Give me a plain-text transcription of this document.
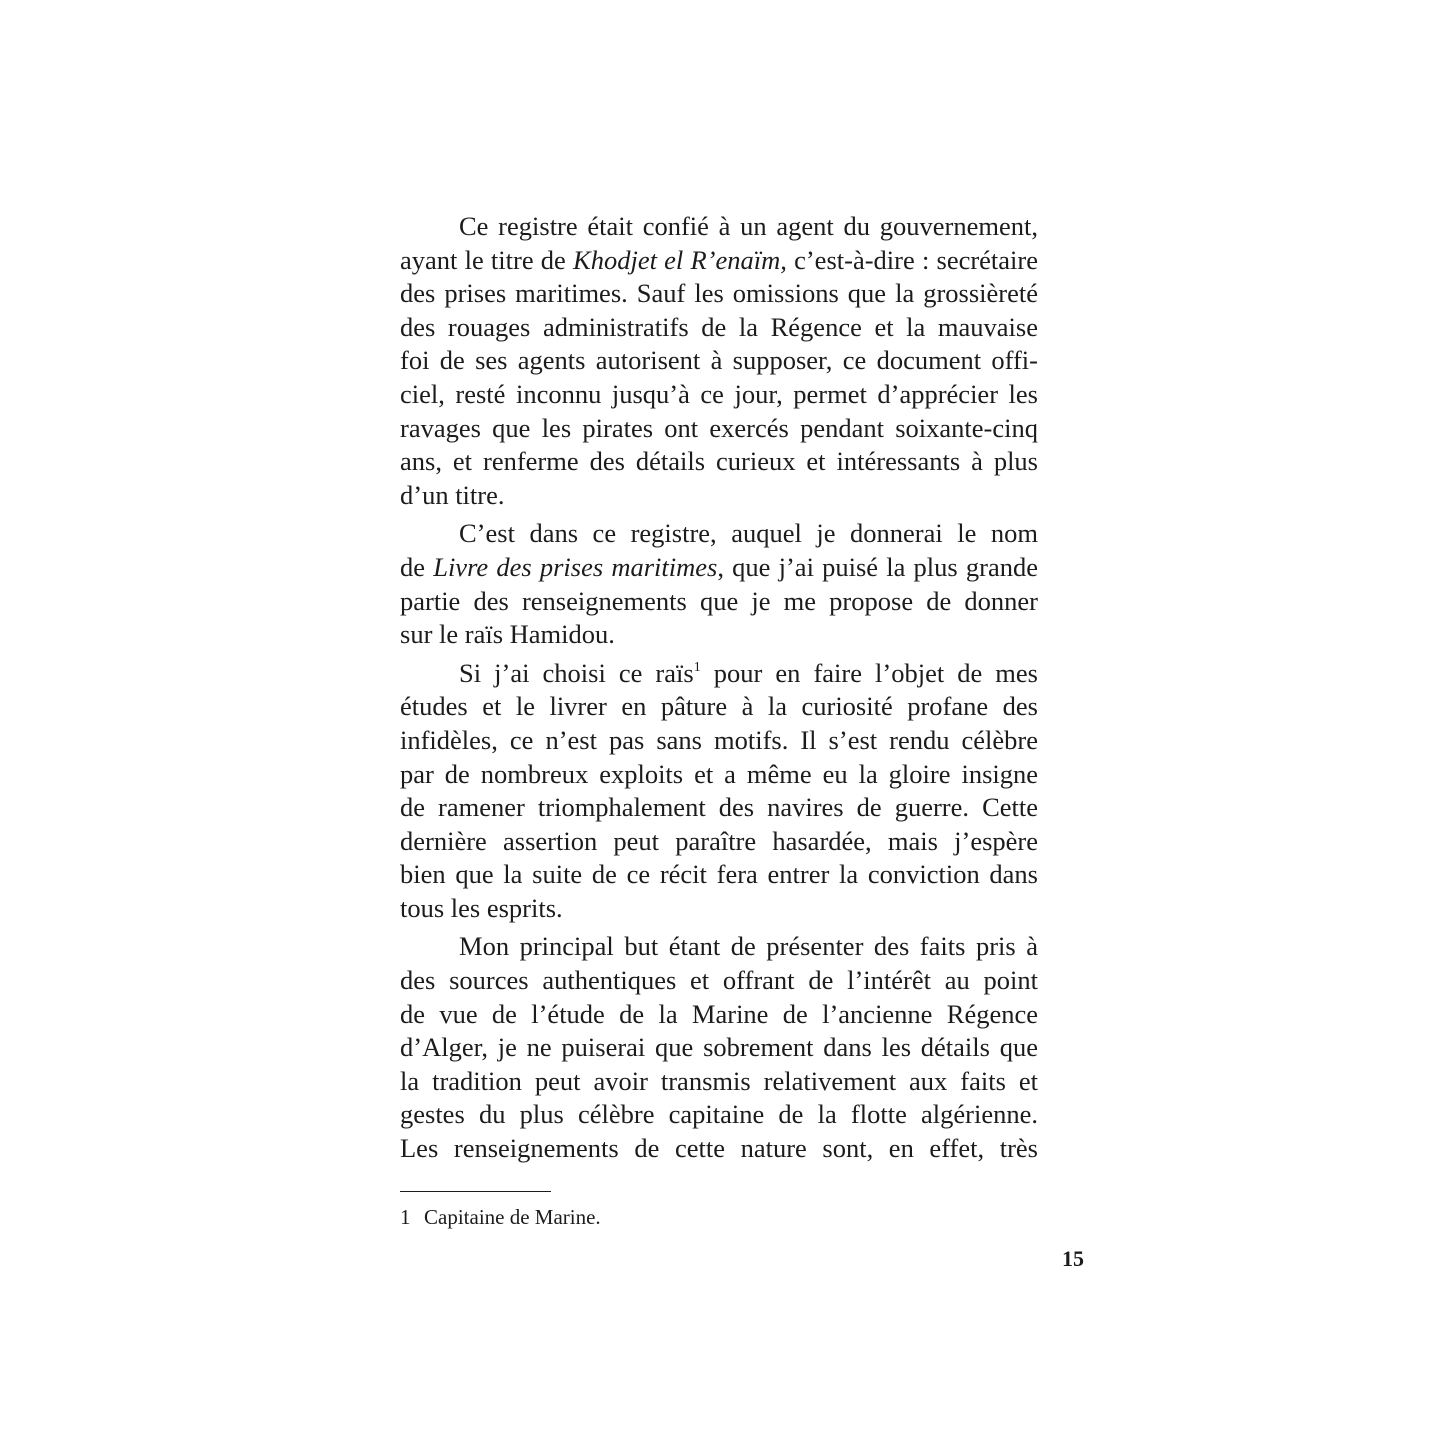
Ce registre était confié à un agent du gouvernement,
ayant le titre de Khodjet el R’enaïm, c’est-à-dire : secrétaire
des prises maritimes. Sauf les omissions que la grossièreté
des rouages administratifs de la Régence et la mauvaise
foi de ses agents autorisent à supposer, ce document offi-
ciel, resté inconnu jusqu’à ce jour, permet d’apprécier les
ravages que les pirates ont exercés pendant soixante-cinq
ans, et renferme des détails curieux et intéressants à plus
d’un titre.
C’est dans ce registre, auquel je donnerai le nom
de Livre des prises maritimes, que j’ai puisé la plus grande
partie des renseignements que je me propose de donner
sur le raïs Hamidou.
Si j’ai choisi ce raïs$^1$ pour en faire l’objet de mes
études et le livrer en pâture à la curiosité profane des
infidèles, ce n’est pas sans motifs. Il s’est rendu célèbre
par de nombreux exploits et a même eu la gloire insigne
de ramener triomphalement des navires de guerre. Cette
dernière assertion peut paraître hasardée, mais j’espère
bien que la suite de ce récit fera entrer la conviction dans
tous les esprits.
Mon principal but étant de présenter des faits pris à
des sources authentiques et offrant de l’intérêt au point
de vue de l’étude de la Marine de l’ancienne Régence
d’Alger, je ne puiserai que sobrement dans les détails que
la tradition peut avoir transmis relativement aux faits et
gestes du plus célèbre capitaine de la flotte algérienne.
Les renseignements de cette nature sont, en effet, très
1 Capitaine de Marine.
15
